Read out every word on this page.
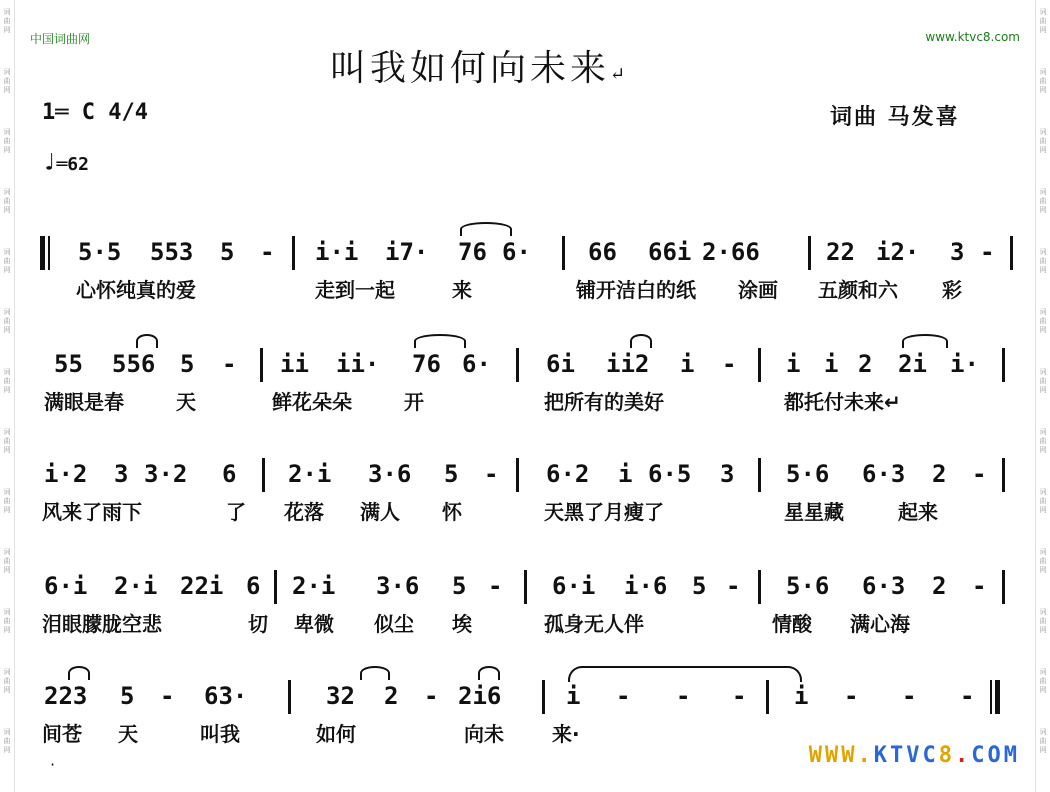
词
曲
网
词
曲
网
词
曲
网
词
曲
网
词
曲
网
词
曲
网
词
曲
网
词
曲
网
词
曲
网
词
曲
网
词
曲
网
词
曲
网
词
曲
网
词
曲
网
词
曲
网
词
曲
网
词
曲
网
词
曲
网
词
曲
网
词
曲
网
词
曲
网
词
曲
网
词
曲
网
词
曲
网
词
曲
网
词
曲
网
中国词曲网	www.ktvc8.com
叫我如何向未来↵
1═ C 4/4
♩═62
词曲 马发喜
5·5 553 5 - i·i i7· 76 6· 66 66i 2·66	22 i2· 3 -
心怀纯真的爱	走到一起	来	铺开洁白的纸 涂画 五颜和六 彩
55 556 5 - ii ii· 76 6· 6i ii2 i - i i 2 2i i·
满眼是春	天	鲜花朵朵	开	把所有的美好	都托付未来↵
i·2 3 3·2 6 2·i 3·6 5 - 6·2 i 6·5 3 5·6 6·3 2 -
风来了雨下	了 花落 满人 怀	天黑了月瘦了	星星藏	起来
6·i 2·i 22i 6 2·i 3·6 5 - 6·i i·6 5 - 5·6 6·3 2 -
泪眼朦胧空悲	切 卑微 似尘 埃	孤身无人伴	情酸 满心海
223 5 - 63·	32 2 - 2i6	i - - - i - - -
间苍 天	叫我	如何	向未 来·
·	WWW.KTVC8.COM
